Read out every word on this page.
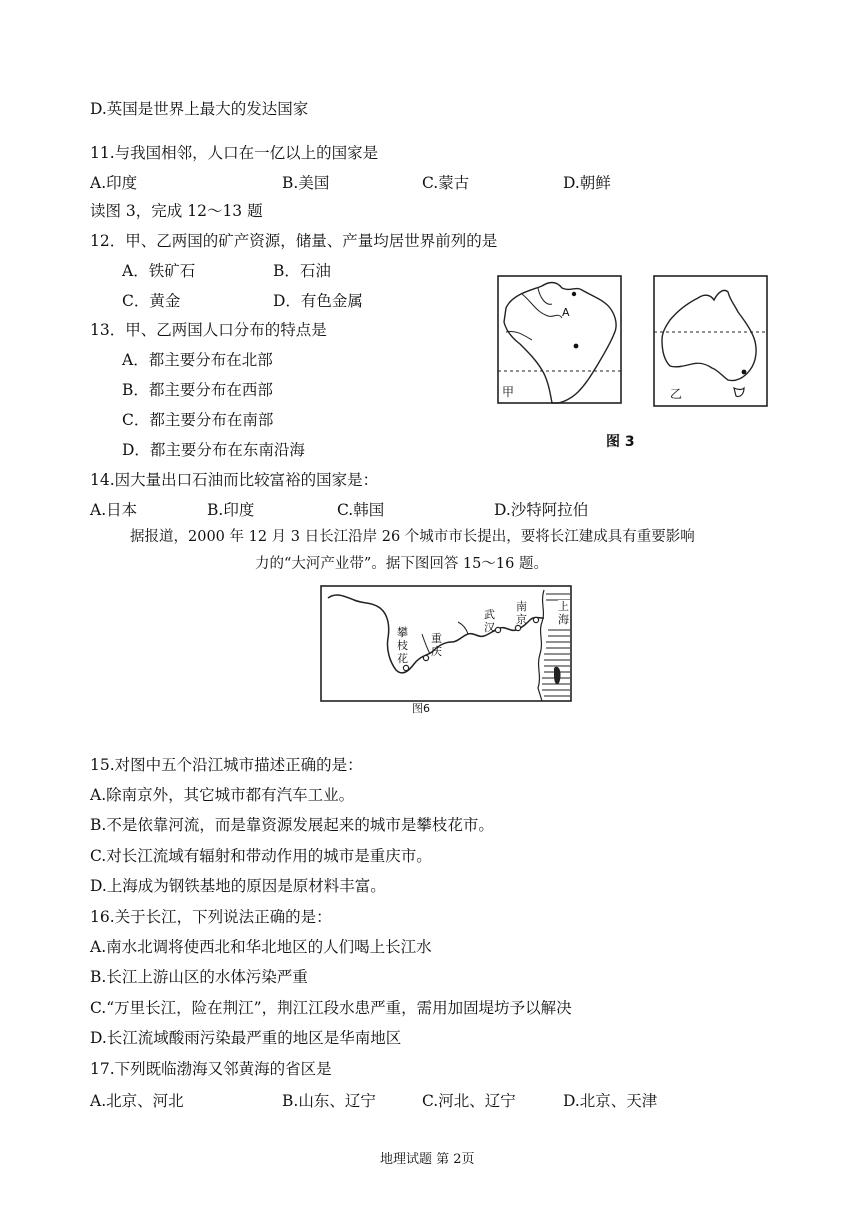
D.英国是世界上最大的发达国家
11.与我国相邻，人口在一亿以上的国家是
A.印度	B.美国	C.蒙古	D.朝鲜
读图 3，完成 12～13 题
12．甲、乙两国的矿产资源，储量、产量均居世界前列的是
A．铁矿石	B．石油
C．黄金	D．有色金属
13．甲、乙两国人口分布的特点是
A．都主要分布在北部
B．都主要分布在西部
C．都主要分布在南部
D．都主要分布在东南沿海
A
甲	乙
图 3
14.因大量出口石油而比较富裕的国家是：
A.日本	B.印度	C.韩国	D.沙特阿拉伯
据报道，2000 年 12 月 3 日长江沿岸 26 个城市市长提出，要将长江建成具有重要影响
力的“大河产业带”。据下图回答 15～16 题。
攀枝花
重庆
武汉
南京
上海
图6
15.对图中五个沿江城市描述正确的是：
A.除南京外，其它城市都有汽车工业。
B.不是依靠河流，而是靠资源发展起来的城市是攀枝花市。
C.对长江流域有辐射和带动作用的城市是重庆市。
D.上海成为钢铁基地的原因是原材料丰富。
16.关于长江，下列说法正确的是：
A.南水北调将使西北和华北地区的人们喝上长江水
B.长江上游山区的水体污染严重
C.“万里长江，险在荆江”，荆江江段水患严重，需用加固堤坊予以解决
D.长江流域酸雨污染最严重的地区是华南地区
17.下列既临渤海又邻黄海的省区是
A.北京、河北	B.山东、辽宁	C.河北、辽宁	D.北京、天津
地理试题 第 2页
